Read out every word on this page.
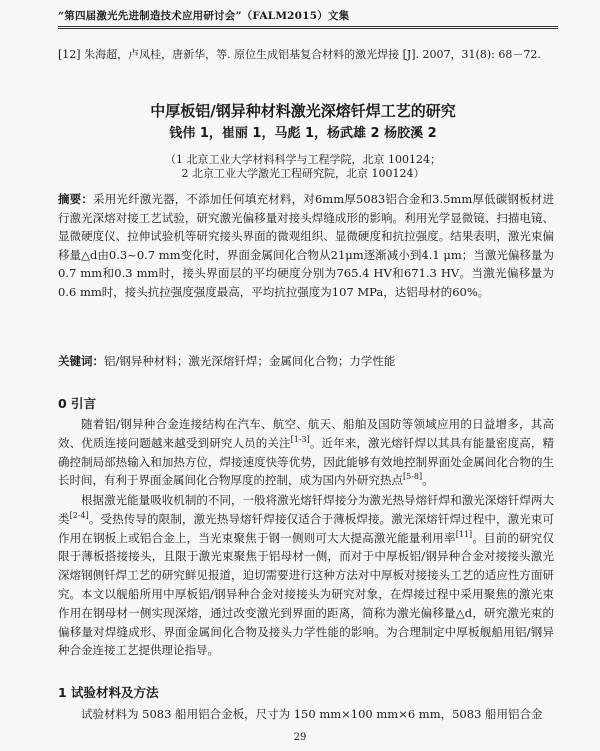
“第四届激光先进制造技术应用研讨会”（FALM2015）文集
[12] 朱海超，卢凤桂，唐新华，等. 原位生成铝基复合材料的激光焊接 [J]. 2007，31(8): 68－72.
中厚板铝/钢异种材料激光深熔钎焊工艺的研究
钱伟 1，崔丽 1，马彪 1，杨武雄 2 杨胶溪 2
（1 北京工业大学材料科学与工程学院，北京 100124；
2 北京工业大学激光工程研究院，北京 100124）
摘要：采用光纤激光器，不添加任何填充材料，对6mm厚5083铝合金和3.5mm厚低碳钢板材进行激光深熔对接工艺试验，研究激光偏移量对接头焊缝成形的影响。利用光学显微镜、扫描电镜、显微硬度仪、拉伸试验机等研究接头界面的微观组织、显微硬度和抗拉强度。结果表明，激光束偏移量△d由0.3~0.7 mm变化时，界面金属间化合物从21μm逐渐减小到4.1 μm；当激光偏移量为0.7 mm和0.3 mm时，接头界面层的平均硬度分别为765.4 HV和671.3 HV。当激光偏移量为0.6 mm时，接头抗拉强度强度最高，平均抗拉强度为107 MPa，达铝母材的60%。
关键词：铝/钢异种材料；激光深熔钎焊；金属间化合物；力学性能
0 引言
随着铝/钢异种合金连接结构在汽车、航空、航天、船舶及国防等领域应用的日益增多，其高效、优质连接问题越来越受到研究人员的关注[1-3]。近年来，激光熔钎焊以其具有能量密度高，精确控制局部热输入和加热方位，焊接速度快等优势，因此能够有效地控制界面处金属间化合物的生长时间，有利于界面金属间化合物厚度的控制，成为国内外研究热点[5-8]。
根据激光能量吸收机制的不同，一般将激光熔钎焊接分为激光热导熔钎焊和激光深熔钎焊两大类[2-4]。受热传导的限制，激光热导熔钎焊接仅适合于薄板焊接。激光深熔钎焊过程中，激光束可作用在钢板上或铝合金上，当光束聚焦于钢一侧则可大大提高激光能量利用率[11]。目前的研究仅限于薄板搭接接头，且限于激光束聚焦于铝母材一侧，而对于中厚板铝/钢异种合金对接接头激光深熔钢侧钎焊工艺的研究鲜见报道，迫切需要进行这种方法对中厚板对接接头工艺的适应性方面研究。 本文以舰船所用中厚板铝/钢异种合金对接接头为研究对象，在焊接过程中采用聚焦的激光束作用在钢母材一侧实现深熔，通过改变激光到界面的距离，简称为激光偏移量△d，研究激光束的偏移量对焊缝成形、界面金属间化合物及接头力学性能的影响。为合理制定中厚板舰船用铝/钢异种合金连接工艺提供理论指导。
1 试验材料及方法
试验材料为 5083 船用铝合金板，尺寸为 150 mm×100 mm×6 mm，5083 船用铝合金
29
